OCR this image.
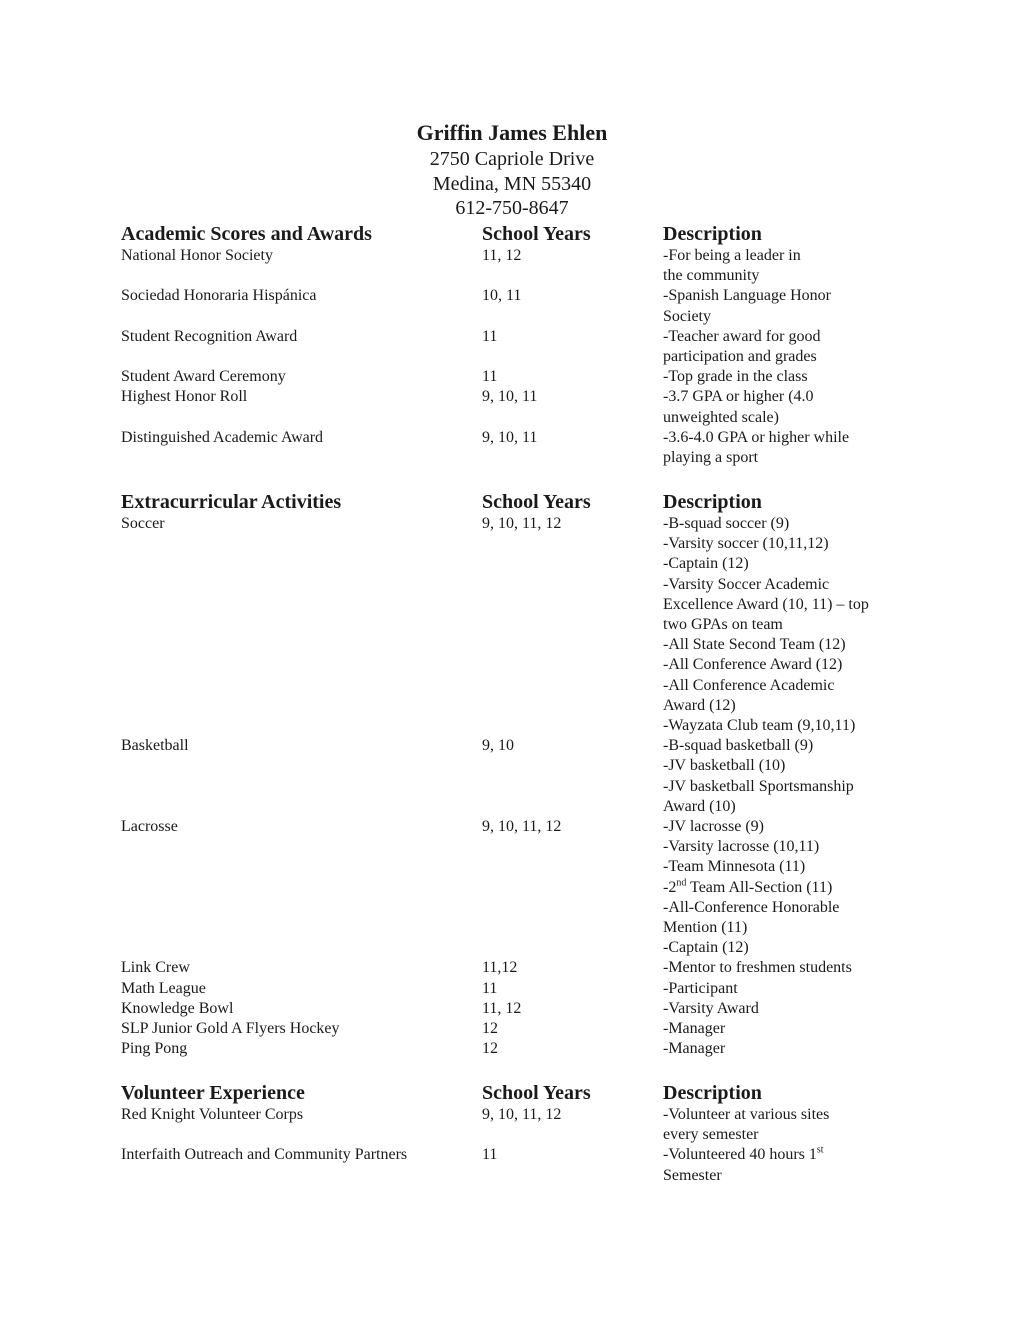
Griffin James Ehlen
2750 Capriole Drive
Medina, MN 55340
612-750-8647
Academic Scores and Awards	School Years	Description
National Honor Society	11, 12	-For being a leader in
the community
Sociedad Honoraria Hispánica	10, 11	-Spanish Language Honor
Society
Student Recognition Award	11	-Teacher award for good
participation and grades
Student Award Ceremony	11	-Top grade in the class
Highest Honor Roll	9, 10, 11	-3.7 GPA or higher (4.0
unweighted scale)
Distinguished Academic Award	9, 10, 11	-3.6-4.0 GPA or higher while
playing a sport
Extracurricular Activities	School Years	Description
Soccer	9, 10, 11, 12	-B-squad soccer (9)
-Varsity soccer (10,11,12)
-Captain (12)
-Varsity Soccer Academic
Excellence Award (10, 11) – top
two GPAs on team
-All State Second Team (12)
-All Conference Award (12)
-All Conference Academic
Award (12)
-Wayzata Club team (9,10,11)
Basketball	9, 10	-B-squad basketball (9)
-JV basketball (10)
-JV basketball Sportsmanship
Award (10)
Lacrosse	9, 10, 11, 12	-JV lacrosse (9)
-Varsity lacrosse (10,11)
-Team Minnesota (11)
-2nd Team All-Section (11)
-All-Conference Honorable
Mention (11)
-Captain (12)
Link Crew	11,12	-Mentor to freshmen students
Math League	11	-Participant
Knowledge Bowl	11, 12	-Varsity Award
SLP Junior Gold A Flyers Hockey	12	-Manager
Ping Pong	12	-Manager
Volunteer Experience	School Years	Description
Red Knight Volunteer Corps	9, 10, 11, 12	-Volunteer at various sites
every semester
Interfaith Outreach and Community Partners	11	-Volunteered 40 hours 1st
Semester
